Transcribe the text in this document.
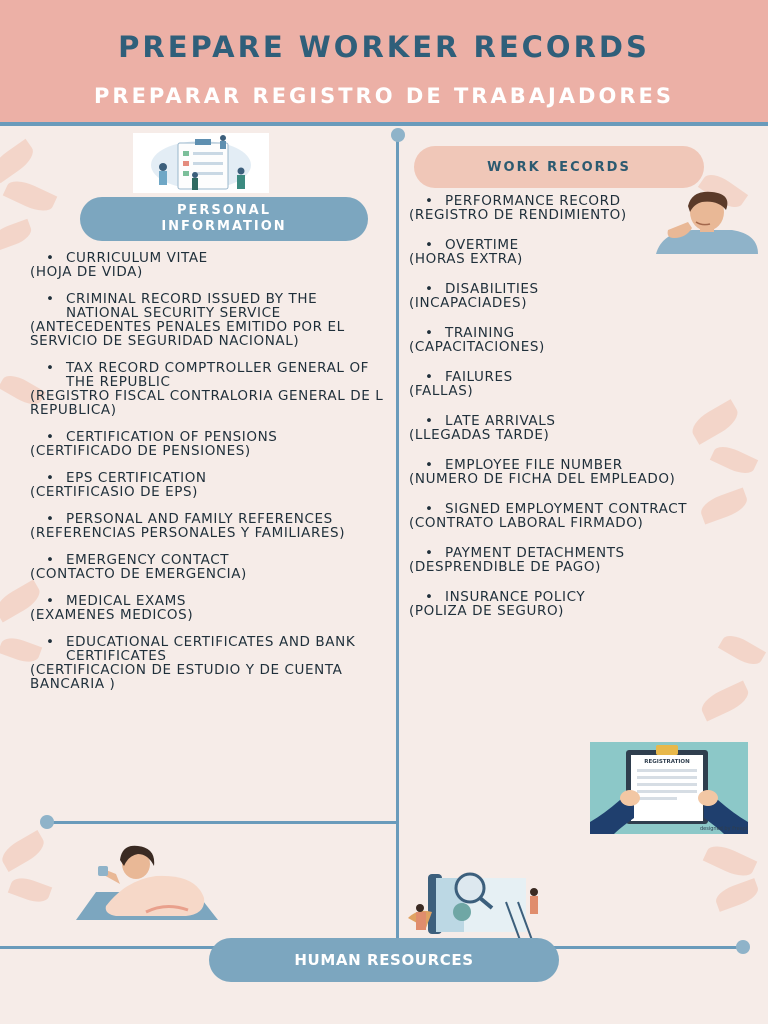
PREPARE WORKER RECORDS
PREPARAR REGISTRO DE TRABAJADORES
PERSONAL INFORMATION
WORK RECORDS
• CURRICULUM VITAE
(HOJA DE VIDA)
• CRIMINAL RECORD ISSUED BY THE NATIONAL SECURITY SERVICE
(ANTECEDENTES PENALES EMITIDO POR EL SERVICIO DE SEGURIDAD NACIONAL)
• TAX RECORD COMPTROLLER GENERAL OF THE REPUBLIC
(REGISTRO FISCAL CONTRALORIA GENERAL DE L REPUBLICA)
• CERTIFICATION OF PENSIONS
(CERTIFICADO DE PENSIONES)
• EPS CERTIFICATION
(CERTIFICASIO DE EPS)
• PERSONAL AND FAMILY REFERENCES
(REFERENCIAS PERSONALES Y FAMILIARES)
• EMERGENCY CONTACT
(CONTACTO DE EMERGENCIA)
• MEDICAL EXAMS
(EXAMENES MEDICOS)
• EDUCATIONAL CERTIFICATES AND BANK CERTIFICATES
(CERTIFICACION DE ESTUDIO Y DE CUENTA BANCARIA )
• PERFORMANCE RECORD
(REGISTRO DE RENDIMIENTO)
• OVERTIME
(HORAS EXTRA)
• DISABILITIES
(INCAPACIADES)
• TRAINING
(CAPACITACIONES)
• FAILURES
(FALLAS)
• LATE ARRIVALS
(LLEGADAS TARDE)
• EMPLOYEE FILE NUMBER
(NUMERO DE FICHA DEL EMPLEADO)
• SIGNED EMPLOYMENT CONTRACT
(CONTRATO LABORAL FIRMADO)
• PAYMENT DETACHMENTS
(DESPRENDIBLE DE PAGO)
• INSURANCE POLICY
(POLIZA DE SEGURO)
REGISTRATION
designed by Freepik
HUMAN RESOURCES
